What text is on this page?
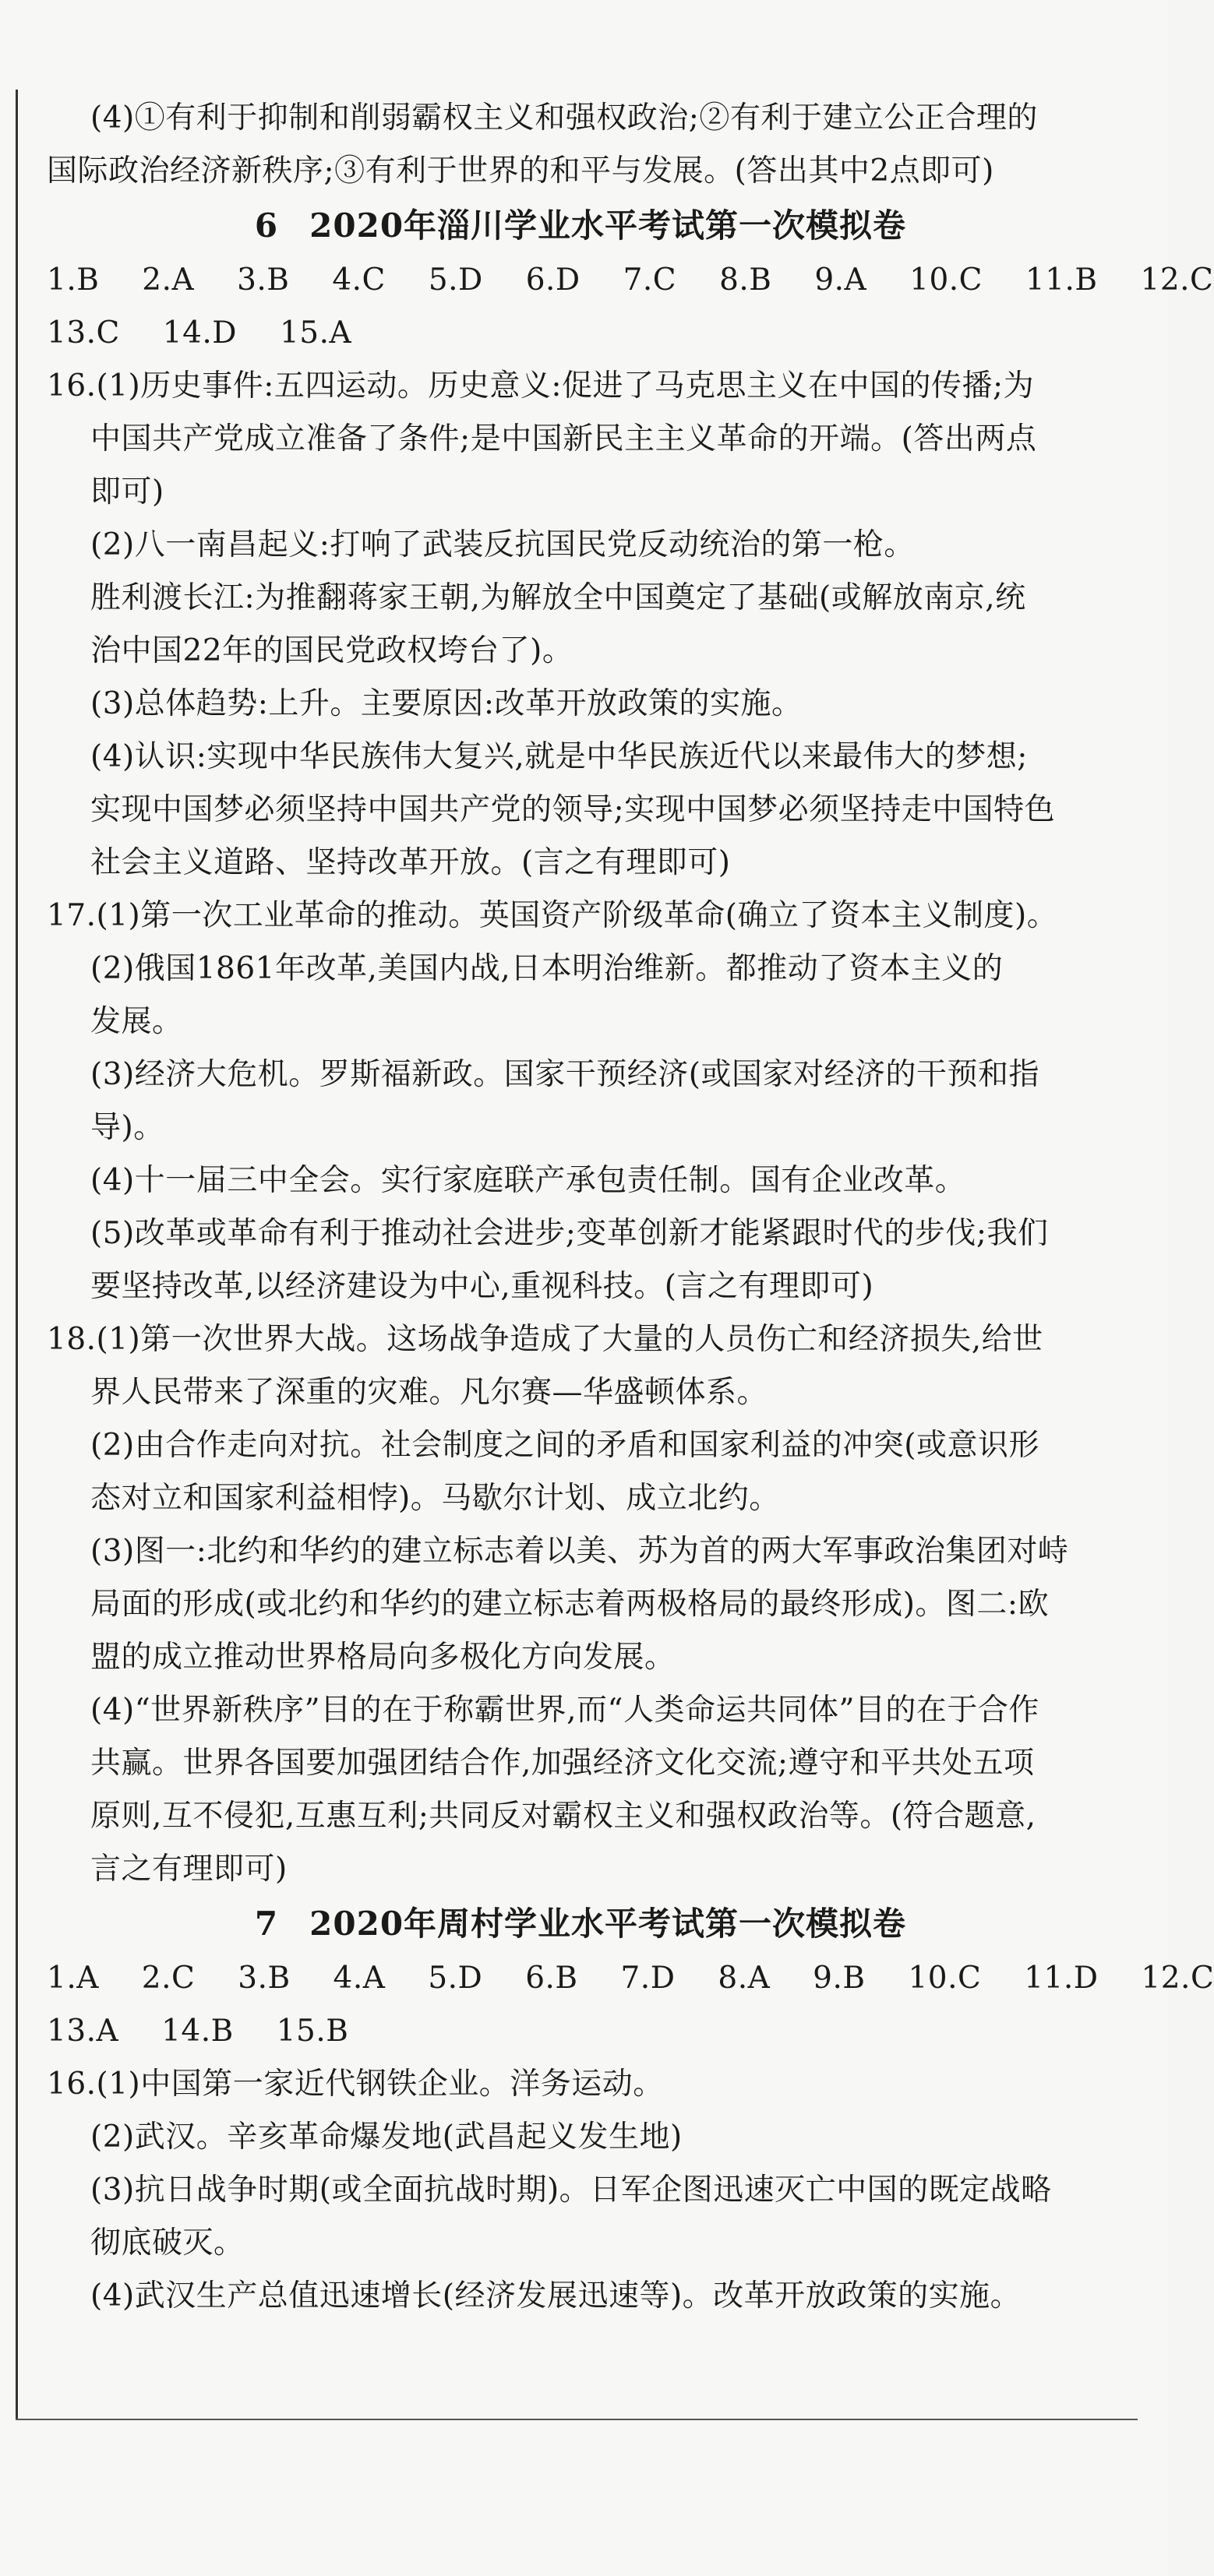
(4)①有利于抑制和削弱霸权主义和强权政治;②有利于建立公正合理的
国际政治经济新秩序;③有利于世界的和平与发展。(答出其中2点即可)
6 2020年淄川学业水平考试第一次模拟卷
1.B 2.A 3.B 4.C 5.D 6.D 7.C 8.B 9.A 10.C 11.B 12.C
13.C 14.D 15.A
16.(1)历史事件:五四运动。历史意义:促进了马克思主义在中国的传播;为
中国共产党成立准备了条件;是中国新民主主义革命的开端。(答出两点
即可)
(2)八一南昌起义:打响了武装反抗国民党反动统治的第一枪。
胜利渡长江:为推翻蒋家王朝,为解放全中国奠定了基础(或解放南京,统
治中国22年的国民党政权垮台了)。
(3)总体趋势:上升。主要原因:改革开放政策的实施。
(4)认识:实现中华民族伟大复兴,就是中华民族近代以来最伟大的梦想;
实现中国梦必须坚持中国共产党的领导;实现中国梦必须坚持走中国特色
社会主义道路、坚持改革开放。(言之有理即可)
17.(1)第一次工业革命的推动。英国资产阶级革命(确立了资本主义制度)。
(2)俄国1861年改革,美国内战,日本明治维新。都推动了资本主义的
发展。
(3)经济大危机。罗斯福新政。国家干预经济(或国家对经济的干预和指
导)。
(4)十一届三中全会。实行家庭联产承包责任制。国有企业改革。
(5)改革或革命有利于推动社会进步;变革创新才能紧跟时代的步伐;我们
要坚持改革,以经济建设为中心,重视科技。(言之有理即可)
18.(1)第一次世界大战。这场战争造成了大量的人员伤亡和经济损失,给世
界人民带来了深重的灾难。凡尔赛—华盛顿体系。
(2)由合作走向对抗。社会制度之间的矛盾和国家利益的冲突(或意识形
态对立和国家利益相悖)。马歇尔计划、成立北约。
(3)图一:北约和华约的建立标志着以美、苏为首的两大军事政治集团对峙
局面的形成(或北约和华约的建立标志着两极格局的最终形成)。图二:欧
盟的成立推动世界格局向多极化方向发展。
(4)“世界新秩序”目的在于称霸世界,而“人类命运共同体”目的在于合作
共赢。世界各国要加强团结合作,加强经济文化交流;遵守和平共处五项
原则,互不侵犯,互惠互利;共同反对霸权主义和强权政治等。(符合题意,
言之有理即可)
7 2020年周村学业水平考试第一次模拟卷
1.A 2.C 3.B 4.A 5.D 6.B 7.D 8.A 9.B 10.C 11.D 12.C
13.A 14.B 15.B
16.(1)中国第一家近代钢铁企业。洋务运动。
(2)武汉。辛亥革命爆发地(武昌起义发生地)
(3)抗日战争时期(或全面抗战时期)。日军企图迅速灭亡中国的既定战略
彻底破灭。
(4)武汉生产总值迅速增长(经济发展迅速等)。改革开放政策的实施。
